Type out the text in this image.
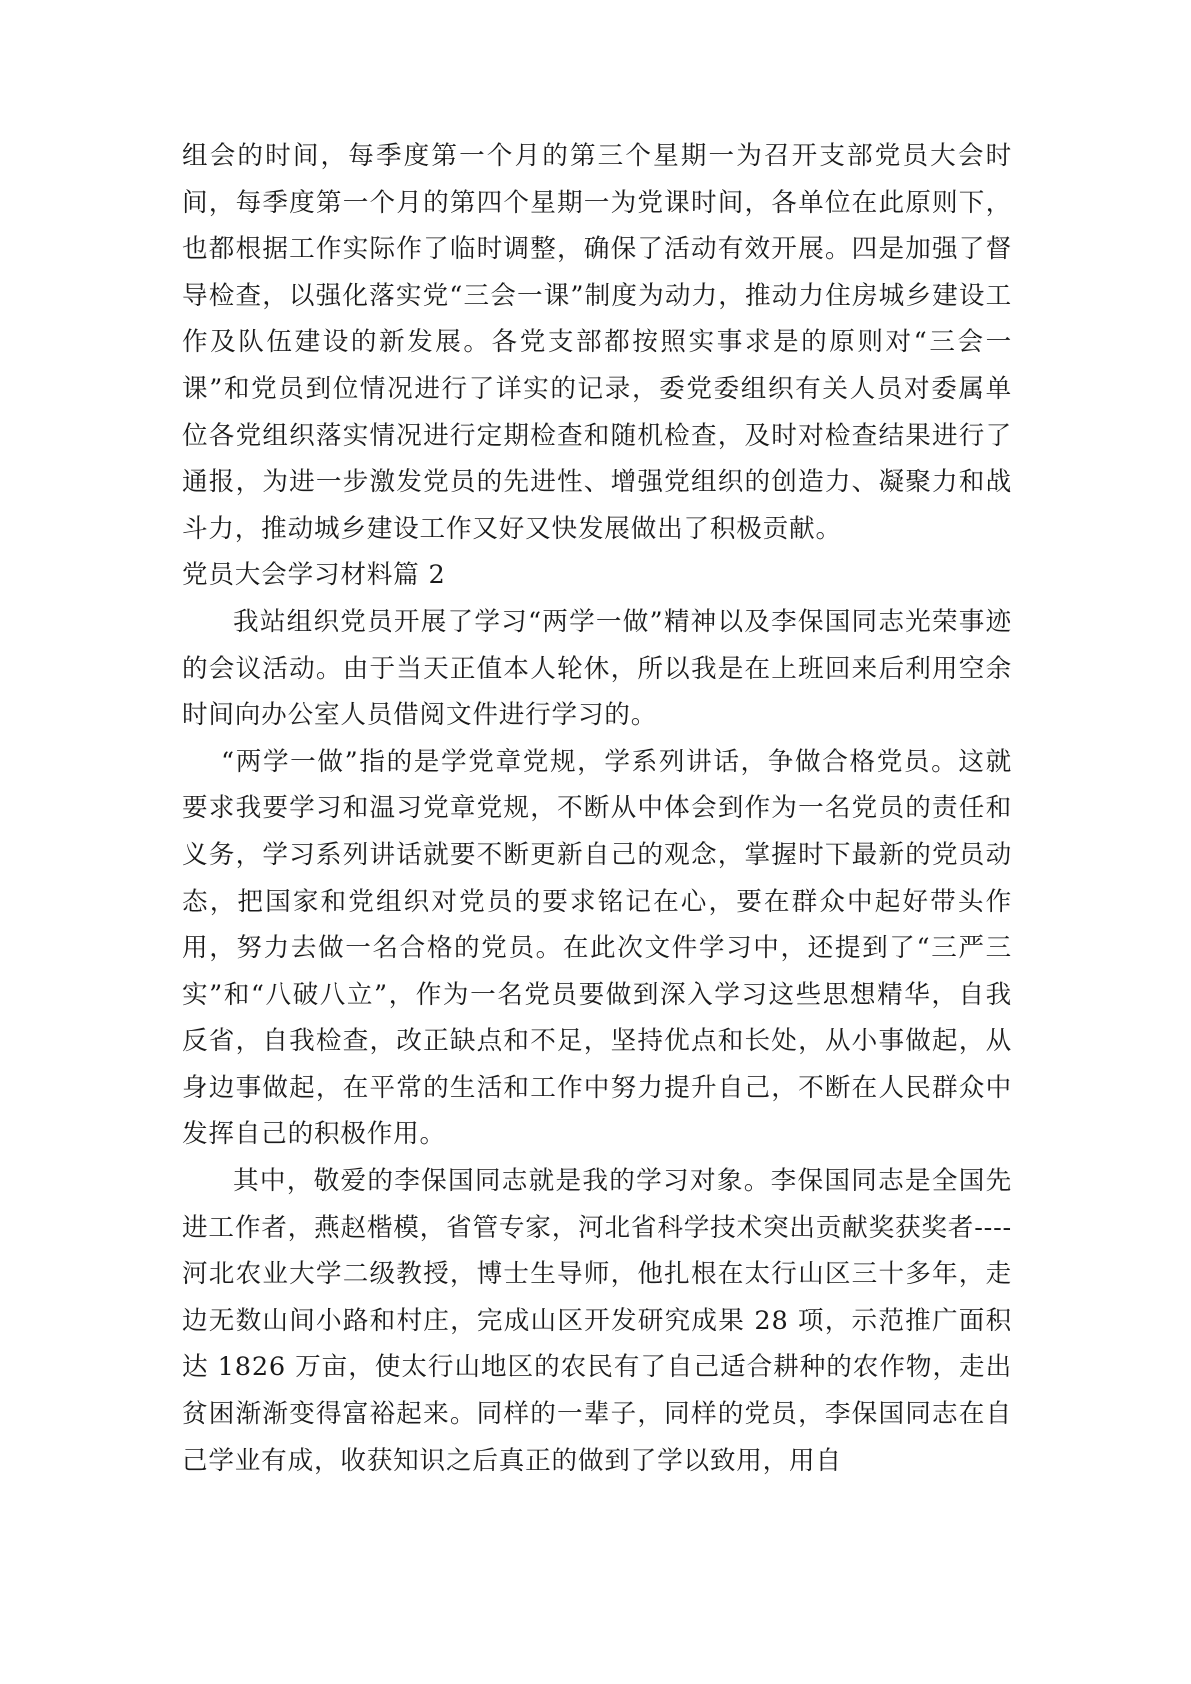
组会的时间，每季度第一个月的第三个星期一为召开支部党员大会时间，每季度第一个月的第四个星期一为党课时间，各单位在此原则下，也都根据工作实际作了临时调整，确保了活动有效开展。四是加强了督导检查，以强化落实党“三会一课”制度为动力，推动力住房城乡建设工作及队伍建设的新发展。各党支部都按照实事求是的原则对“三会一课”和党员到位情况进行了详实的记录，委党委组织有关人员对委属单位各党组织落实情况进行定期检查和随机检查，及时对检查结果进行了通报，为进一步激发党员的先进性、增强党组织的创造力、凝聚力和战斗力，推动城乡建设工作又好又快发展做出了积极贡献。

党员大会学习材料篇 2

我站组织党员开展了学习“两学一做”精神以及李保国同志光荣事迹的会议活动。由于当天正值本人轮休，所以我是在上班回来后利用空余时间向办公室人员借阅文件进行学习的。

“两学一做”指的是学党章党规，学系列讲话，争做合格党员。这就要求我要学习和温习党章党规，不断从中体会到作为一名党员的责任和义务，学习系列讲话就要不断更新自己的观念，掌握时下最新的党员动态，把国家和党组织对党员的要求铭记在心，要在群众中起好带头作用，努力去做一名合格的党员。在此次文件学习中，还提到了“三严三实”和“八破八立”，作为一名党员要做到深入学习这些思想精华，自我反省，自我检查，改正缺点和不足，坚持优点和长处，从小事做起，从身边事做起，在平常的生活和工作中努力提升自己，不断在人民群众中发挥自己的积极作用。

其中，敬爱的李保国同志就是我的学习对象。李保国同志是全国先进工作者，燕赵楷模，省管专家，河北省科学技术突出贡献奖获奖者----河北农业大学二级教授，博士生导师，他扎根在太行山区三十多年，走边无数山间小路和村庄，完成山区开发研究成果 28 项，示范推广面积达 1826 万亩，使太行山地区的农民有了自己适合耕种的农作物，走出贫困渐渐变得富裕起来。同样的一辈子，同样的党员，李保国同志在自己学业有成，收获知识之后真正的做到了学以致用，用自
